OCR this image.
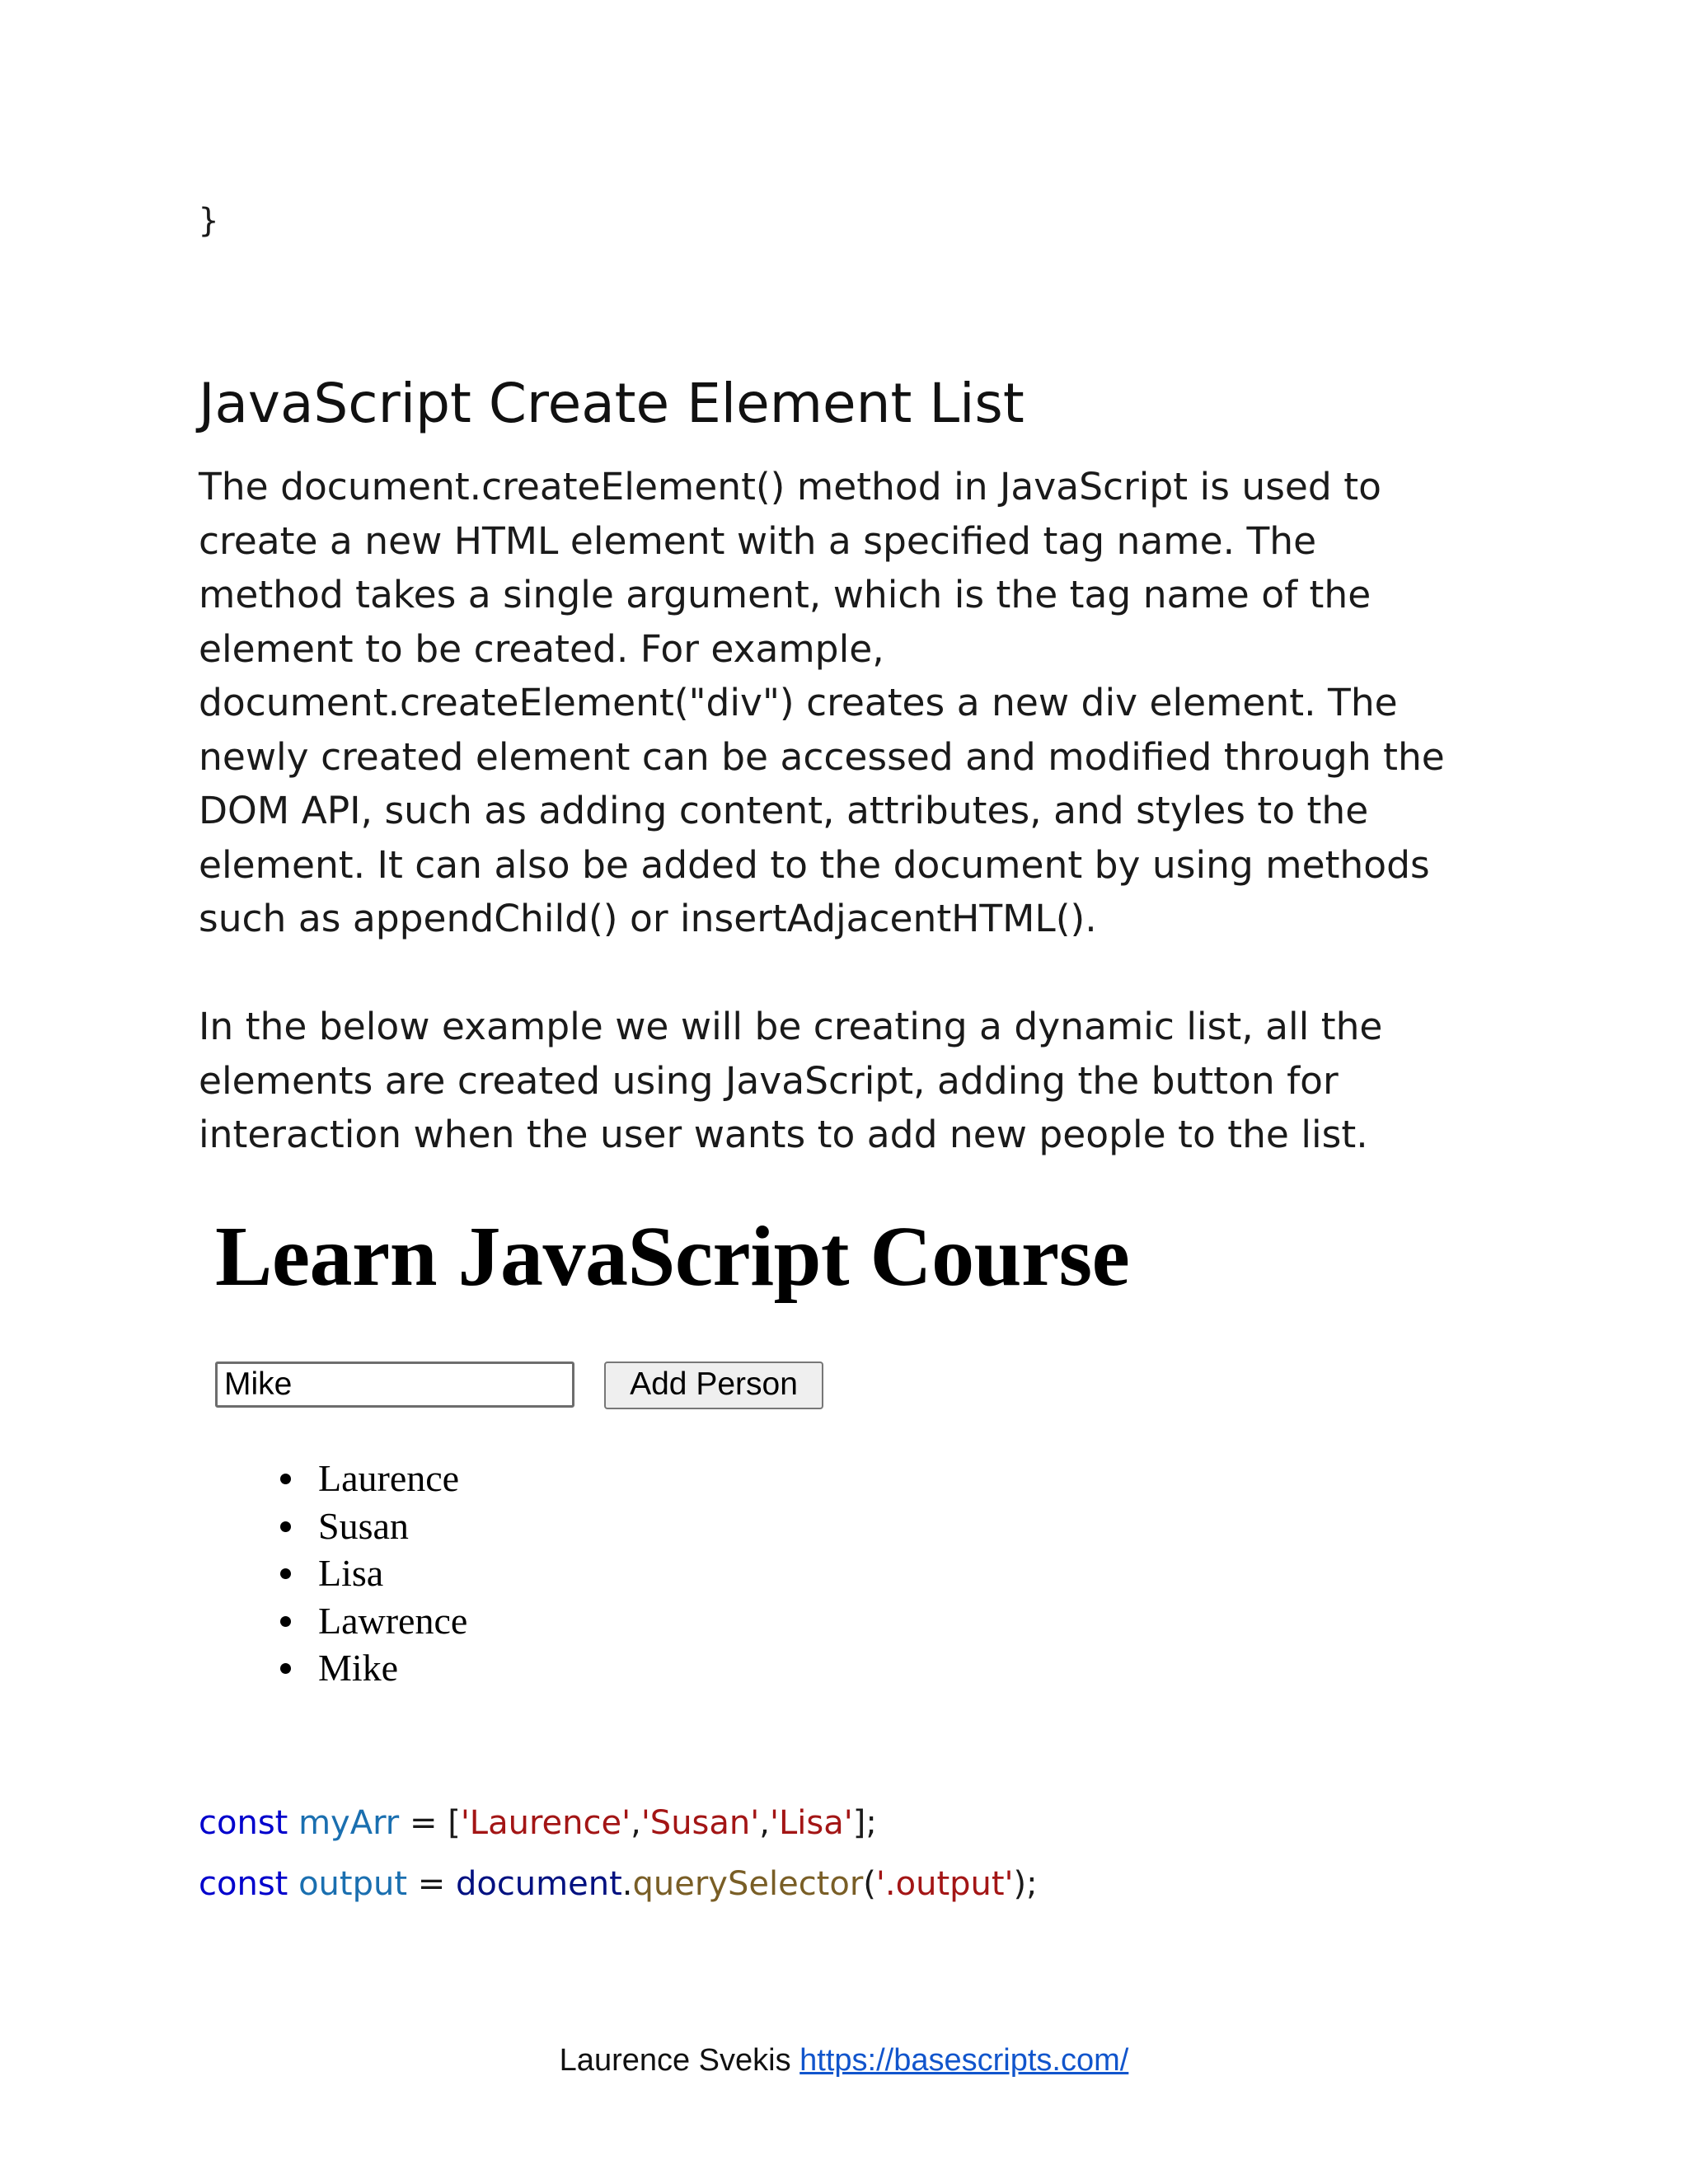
}
JavaScript Create Element List

The document.createElement() method in JavaScript is used to
create a new HTML element with a specified tag name. The
method takes a single argument, which is the tag name of the
element to be created. For example,
document.createElement("div") creates a new div element. The
newly created element can be accessed and modified through the
DOM API, such as adding content, attributes, and styles to the
element. It can also be added to the document by using methods
such as appendChild() or insertAdjacentHTML().

In the below example we will be creating a dynamic list, all the
elements are created using JavaScript, adding the button for
interaction when the user wants to add new people to the list.

Learn JavaScript Course
Mike	Add Person
Laurence
Susan
Lisa
Lawrence
Mike
const myArr = ['Laurence','Susan','Lisa'];
const output = document.querySelector('.output');
Laurence Svekis https://basescripts.com/
